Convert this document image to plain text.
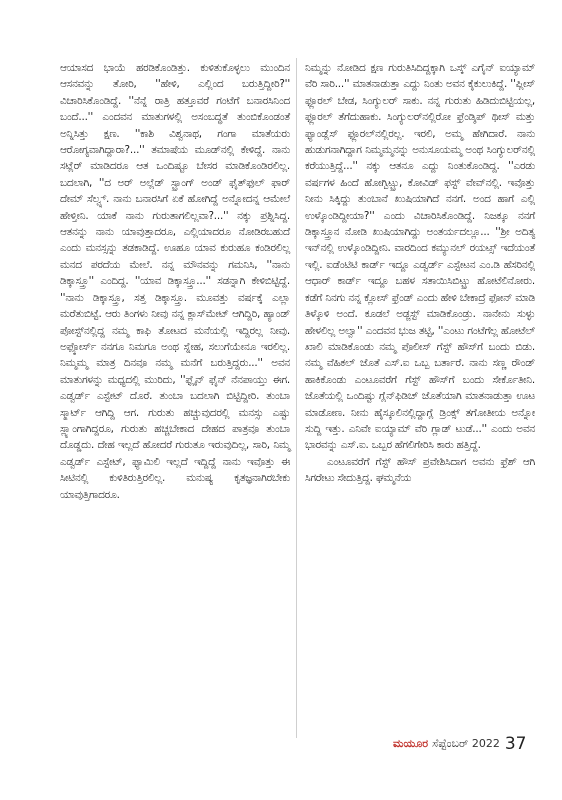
ಆಯಾಸದ ಭಾಯೆ ಹರಡಿಕೊಂಡಿತ್ತು. ಕುಳಿತುಕೊಳ್ಳಲು ಮುಂದಿನ ಆಸನವನ್ನು ತೋರಿ, ''ಹೇಳಿ, ಎಲ್ಲಿಂದ ಬರುತ್ತಿದ್ದೀರಿ?'' ವಿಚಾರಿಸಿಕೊಂಡಿದ್ದೆ. ''ನೆನ್ನೆ ರಾತ್ರಿ ಹತ್ತೂವರೆ ಗಂಟೆಗೆ ಬನಾರಸಿನಿಂದ ಬಂದೆ...'' ಎಂದವನ ಮಾತುಗಳಲ್ಲಿ ಅಸಂಬದ್ಧತೆ ತುಂಬಿಕೊಂಡಂತೆ ಅನ್ನಿಸಿತ್ತು ಕ್ಷಣ. ''ಕಾಶಿ ವಿಶ್ವನಾಥ, ಗಂಗಾ ಮಾತೆಯರು ಆರೋಗ್ಯವಾಗಿದ್ದಾರಾ?...'' ತಮಾಷೆಯ ಮೂಡ್‌ನಲ್ಲಿ ಕೇಳಿದ್ದೆ. ನಾನು ಸಟ್ಲೆರ್ ಮಾಡಿದರೂ ಆತ ಒಂದಿಷ್ಟೂ ಬೇಸರ ಮಾಡಿಕೊಂಡಿರಲಿಲ್ಲ. ಬದಲಾಗಿ, ''ದ ಅರ್ ಅಲ್ಲೆಡ್ ಸ್ಟ್ರಾಂಗ್ ಅಂಡ್ ಫೈತ್‌ಫುಲ್ ಫಾರ್ ದೇಮ್ ಸೆಲ್ವ್ಸ್. ನಾನು ಬನಾರಸಿಗೆ ಏಕೆ ಹೋಗಿದ್ದೆ ಅನ್ನೋದನ್ನ ಆಮೇಲೆ ಹೇಳ್ತೀನಿ. ಯಾಕೆ ನಾನು ಗುರುತಾಗಲಿಲ್ಲವಾ?...'' ನಕ್ಕು ಪ್ರಶ್ನಿಸಿದ್ದ. ಆತನನ್ನು ನಾನು ಯಾವುತ್ತಾದರೂ, ಎಲ್ಲಿಯಾದರೂ ನೋಡಿರಬಹುದೆ ಎಂದು ಮನಸ್ಸನ್ನು ತಡಕಾಡಿದ್ದೆ. ಊಹೂ ಯಾವ ಕುರುಹೂ ಕಂಡಿರಲಿಲ್ಲ ಮನದ ಪರದೆಯ ಮೇಲೆ. ನನ್ನ ಮೌನವನ್ನು ಗಮನಿಸಿ, ''ನಾನು ಡಿಕ್ಕಾಸ್ತ್ರೂ'' ಎಂದಿದ್ದ. ''ಯಾವ ಡಿಕ್ಕಾಸ್ತ್ರೂ...'' ಸಡನ್ನಾಗಿ ಕೇಳಿಬಿಟ್ಟಿದ್ದೆ. ''ನಾನು ಡಿಕ್ಕಾಸ್ತ್ರೂ, ಸತ್ತ ಡಿಕ್ಕಾಸ್ತ್ರೂ. ಮೂವತ್ತು ವರ್ಷಕ್ಕೆ ಎಲ್ಲಾ ಮರೆತುಬಿಟ್ಟೆ. ಆರು ತಿಂಗಳು ನೀವು ನನ್ನ ಕ್ಲಾಸ್‌ಮೇಟ್ ಆಗಿದ್ದಿರಿ, ಹ್ಯಾಂಡ್ ಪೋಸ್ಟ್‌ನಲ್ಲಿದ್ದ ನಮ್ಮ ಕಾಫಿ ತೋಟದ ಮನೆಯಲ್ಲಿ ಇದ್ದಿರಲ್ಲ ನೀವು. ಅಫ್ಕೋರ್ಸ್ ನನಗೂ ನಿಮಗೂ ಅಂಥ ಸ್ನೇಹ, ಸಲುಗೆಯೇನೂ ಇರಲಿಲ್ಲ. ನಿಮ್ಮಮ್ಮ ಮಾತ್ರ ದಿನವೂ ನಮ್ಮ ಮನೆಗೆ ಬರುತ್ತಿದ್ದರು...'' ಅವನ ಮಾತುಗಳನ್ನು ಮಧ್ಯದಲ್ಲಿ ಮುರಿದು, ''ಫ್ಲೈನ್ ಫೈನ್ ನೆನಪಾಯ್ತು ಈಗ. ಎಡ್ವರ್ಡ್ ಎಸ್ಟೇಟ್ ದೊರೆ. ತುಂಬಾ ಬದಲಾಗಿ ಬಿಟ್ಟಿದ್ದೀರಿ. ತುಂಬಾ ಸ್ಮಾರ್ಟ್ ಆಗಿದ್ದಿ ಆಗ. ಗುರುತು ಹಚ್ಚುವುದರಲ್ಲಿ ಮನಸ್ಸು ಎಷ್ಟು ಸ್ಲ್ಯಾಂಗಾಗಿದ್ದರೂ, ಗುರುತು ಹಚ್ಚಬೇಕಾದ ದೇಹದ ಪಾತ್ರವೂ ತುಂಬಾ ದೊಡ್ಡದು. ದೇಹ ಇಲ್ಲದೆ ಹೋದರೆ ಗುರುತೂ ಇರುವುದಿಲ್ಲ, ಸಾರಿ, ನಿಮ್ಮ ಎಡ್ವರ್ಡ್ ಎಸ್ಟೇಟ್, ಫ್ಯಾಮಿಲಿ ಇಲ್ಲದೆ ಇದ್ದಿದ್ದೆ ನಾನು ಇವೊತ್ತು ಈ ಸೀಟಿನಲ್ಲಿ ಕುಳಿತಿರುತ್ತಿರಲಿಲ್ಲ. ಮನುಷ್ಯ ಕೃತಜ್ಞನಾಗಿರಬೇಕು ಯಾವುತ್ತಿಗಾದರೂ.

ನಿಮ್ಮನ್ನು ನೋಡಿದ ಕ್ಷಣ ಗುರುತಿಸಿದಿದ್ದಕ್ಕಾಗಿ ಒಸ್ಕ್ ಎಗೈನ್ ಐಯ್ಯಾಮ್ ವೆರಿ ಸಾರಿ...'' ಮಾತನಾಡುತ್ತಾ ಎದ್ದು ನಿಂತು ಅವನ ಕೈಕುಲುಕಿದ್ದೆ. ''ಪ್ಲೀಸ್ ಫ್ಲೂರಲ್ ಬೇಡ, ಸಿಂಗ್ಯುಲರ್ ಸಾಕು. ನನ್ನ ಗುರುತು ಹಿಡಿದುಬಿಟ್ಟಿಯಲ್ಲ, ಫ್ಲೂರಲ್ ತೆಗೆದುಹಾಕು. ಸಿಂಗ್ಯುಲರ್‌ನಲ್ಲಿರೋ ಫ್ರೆಂಡ್ಶಿಪ್ ಥೀಸ್ ಮತ್ತು ಫ್ಯಾಂಡ್ಲೆಸ್ ಫ್ಲೂರಲ್‌ನಲ್ಲಿರಲ್ಲ. ಇರಲಿ, ಅಮ್ಮ ಹೇಗಿದಾರೆ. ನಾನು ಹುಡುಗನಾಗಿದ್ದಾಗ ನಿಮ್ಮಮ್ಮನನ್ನು ಅನುಸೂಯಮ್ಮ ಅಂಥ ಸಿಂಗ್ಯುಲರ್‌ನಲ್ಲಿ ಕರೆಯುತ್ತಿದ್ದೆ...'' ನಕ್ಕು ಆತನೂ ಎದ್ದು ನಿಂತುಕೊಂಡಿದ್ದ. ''ಎರಡು ವರ್ಷಗಳ ಹಿಂದೆ ಹೋಗ್ಬಿಟ್ಟ್ರು, ಕೋವಿಡ್ ಫಸ್ಟ್ ವೇವ್‌ನಲ್ಲಿ. ಇವೊತ್ತು ನೀನು ಸಿಕ್ಕಿದ್ದು ತುಂಬಾನೆ ಖುಷಿಯಾಗಿದೆ ನನಗೆ. ಅಂದ ಹಾಗೆ ಎಲ್ಲಿ ಉಳ್ಕೊಂಡಿದ್ದೀಯಾ?'' ಎಂದು ವಿಚಾರಿಸಿಕೊಂಡಿದ್ದೆ. ನಿಜಕ್ಕೂ ನನಗೆ ಡಿಕ್ಕಾಸ್ತ್ರೂನ ನೋಡಿ ಖುಷಿಯಾಗಿದ್ದು ಅಂತರ್ಯದಲ್ಲೂ... ''ಶ್ರೀ ಅದಿತ್ಯ ಇನ್‌ನಲ್ಲಿ ಉಳ್ಕೊಂಡಿದ್ದೀನಿ. ವಾರದಿಂದ ಕಮ್ಯುನಲ್ ರಯಟ್ಸ್ ಇದೆಯಂತೆ ಇಲ್ಲಿ. ಐಡೆಂಟಿಟಿ ಕಾರ್ಡ್ ಇದ್ದೂ ಎಡ್ವರ್ಡ್ ಎಸ್ಟೇಟನ ಎಂ.ಡಿ ಹೆಸರಿನಲ್ಲಿ ಆಧಾರ್ ಕಾರ್ಡ್ ಇದ್ದೂ ಬಹಳ ಸತಾಯಿಸಿಬಿಟ್ಟ್ರು ಹೋಟೆಲಿನೋರು. ಕಡೆಗೆ ನಿನಗು ನನ್ನ ಕ್ಲೋಸ್ ಫ್ರೆಂಡ್ ಎಂದು ಹೇಳಿ ಬೇಕಾದ್ರೆ ಫೋನ್ ಮಾಡಿ ತಿಳ್ಕೊಳಿ ಅಂದೆ. ಕೂಡಲೆ ಅಡ್ಜಸ್ಟ್ ಮಾಡಿಕೊಂಡ್ರು. ನಾನೇನು ಸುಳ್ಳು ಹೇಳಲಿಲ್ಲ ಅಲ್ವಾ'' ಎಂದವನ ಭುಜ ತಟ್ಟಿ, ''ಎಂಟು ಗಂಟೆಗೆಲ್ಲ ಹೋಟೆಲ್ ಖಾಲಿ ಮಾಡಿಕೊಂಡು ನಮ್ಮ ಪೊಲೀಸ್ ಗೆಸ್ಟ್ ಹೌಸ್‌ಗೆ ಬಂದು ಬಿಡು. ನಮ್ಮ ವೆಹಿಕಲ್ ಜೊತೆ ಎಸ್.ಐ ಒಬ್ಬ ಬರ್ತಾರೆ. ನಾನು ಸಣ್ಣ ರೌಂಡ್ ಹಾಕಿಕೊಂಡು ಎಂಟೂವರೆಗೆ ಗೆಸ್ಟ್ ಹೌಸ್‌ಗೆ ಬಂದು ಸೇರ್ಕೊತೀನಿ. ಜೊತೆಯಲ್ಲಿ ಒಂದಿಷ್ಟು ಗ್ಲೆನ್‌ಫಿಡಿಚ್ ಜೊತೆಯಾಗಿ ಮಾತನಾಡುತ್ತಾ ಊಟ ಮಾಡೋಣ. ನೀನು ಹೈಸ್ಕೂಲಿನಲ್ಲಿದ್ದಾಗ್ಲೆ ಡ್ರಿಂಕ್ಸ್ ತಗೋತೀಯ ಅನ್ನೋ ಸುದ್ದಿ ಇತ್ತು. ಎನಿವೇ ಐಯ್ಯಾಮ್ ವೆರಿ ಗ್ಲಾಡ್ ಟುಡೆ...'' ಎಂದು ಅವನ ಭಾರವನ್ನು ಎಸ್.ಐ. ಒಬ್ಬರ ಹೆಗಲಿಗೇರಿಸಿ ಕಾರು ಹತ್ತಿದ್ದೆ.

ಎಂಟೂವರೆಗೆ ಗೆಸ್ಟ್ ಹೌಸ್ ಪ್ರವೇಶಿಸಿದಾಗ ಅವನು ಫ್ರೆಶ್ ಆಗಿ ಸಿಗರೇಟು ಸೇದುತ್ತಿದ್ದ. ಘಮ್ಮನೆಯ

ಮಯೂರ ಸೆಪ್ಟೆಂಬರ್ 2022 37
